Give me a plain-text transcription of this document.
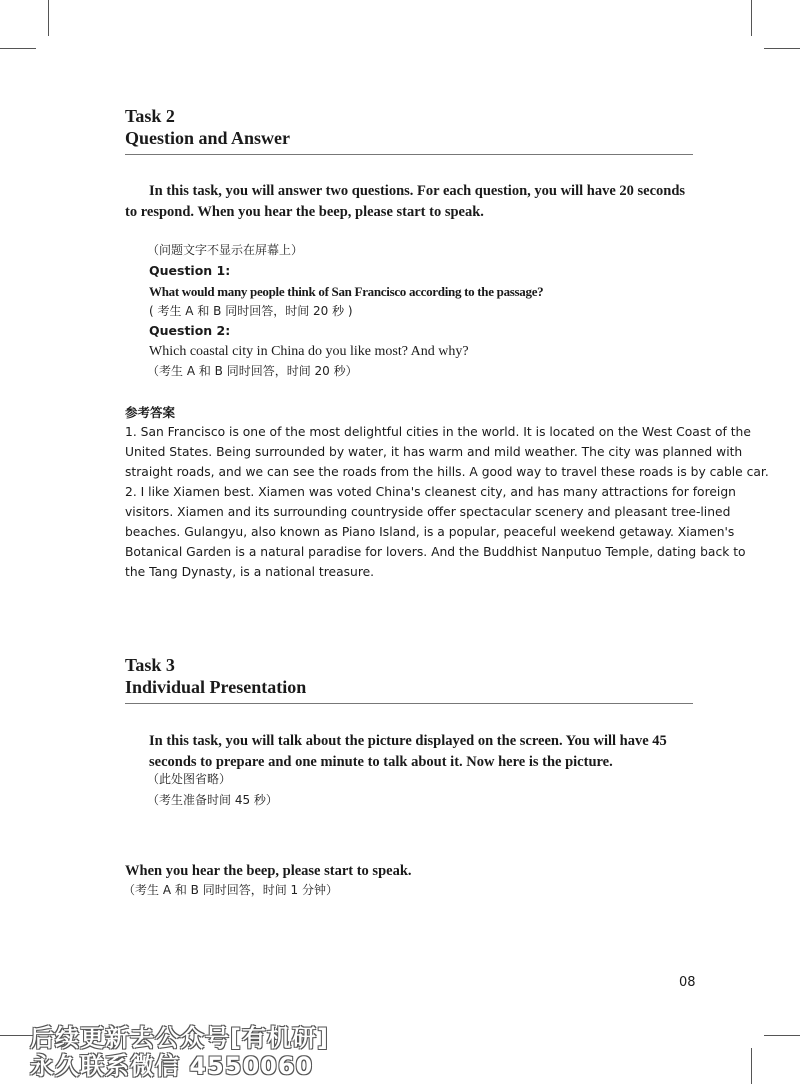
Task 2
Question and Answer
In this task, you will answer two questions. For each question, you will have 20 seconds
to respond. When you hear the beep, please start to speak.
（问题文字不显示在屏幕上）
Question 1:
What would many people think of San Francisco according to the passage?
( 考生 A 和 B 同时回答，时间 20 秒 )
Question 2:
Which coastal city in China do you like most? And why?
（考生 A 和 B 同时回答，时间 20 秒）
参考答案
1. San Francisco is one of the most delightful cities in the world. It is located on the West Coast of the
United States. Being surrounded by water, it has warm and mild weather. The city was planned with
straight roads, and we can see the roads from the hills. A good way to travel these roads is by cable car.
2. I like Xiamen best. Xiamen was voted China's cleanest city, and has many attractions for foreign
visitors. Xiamen and its surrounding countryside offer spectacular scenery and pleasant tree-lined
beaches. Gulangyu, also known as Piano Island, is a popular, peaceful weekend getaway. Xiamen's
Botanical Garden is a natural paradise for lovers. And the Buddhist Nanputuo Temple, dating back to
the Tang Dynasty, is a national treasure.
Task 3
Individual Presentation
In this task, you will talk about the picture displayed on the screen. You will have 45
seconds to prepare and one minute to talk about it. Now here is the picture.
（此处图省略）
（考生准备时间 45 秒）
When you hear the beep, please start to speak.
（考生 A 和 B 同时回答，时间 1 分钟）
08
后续更新去公众号[有机研]
永久联系微信 4550060
